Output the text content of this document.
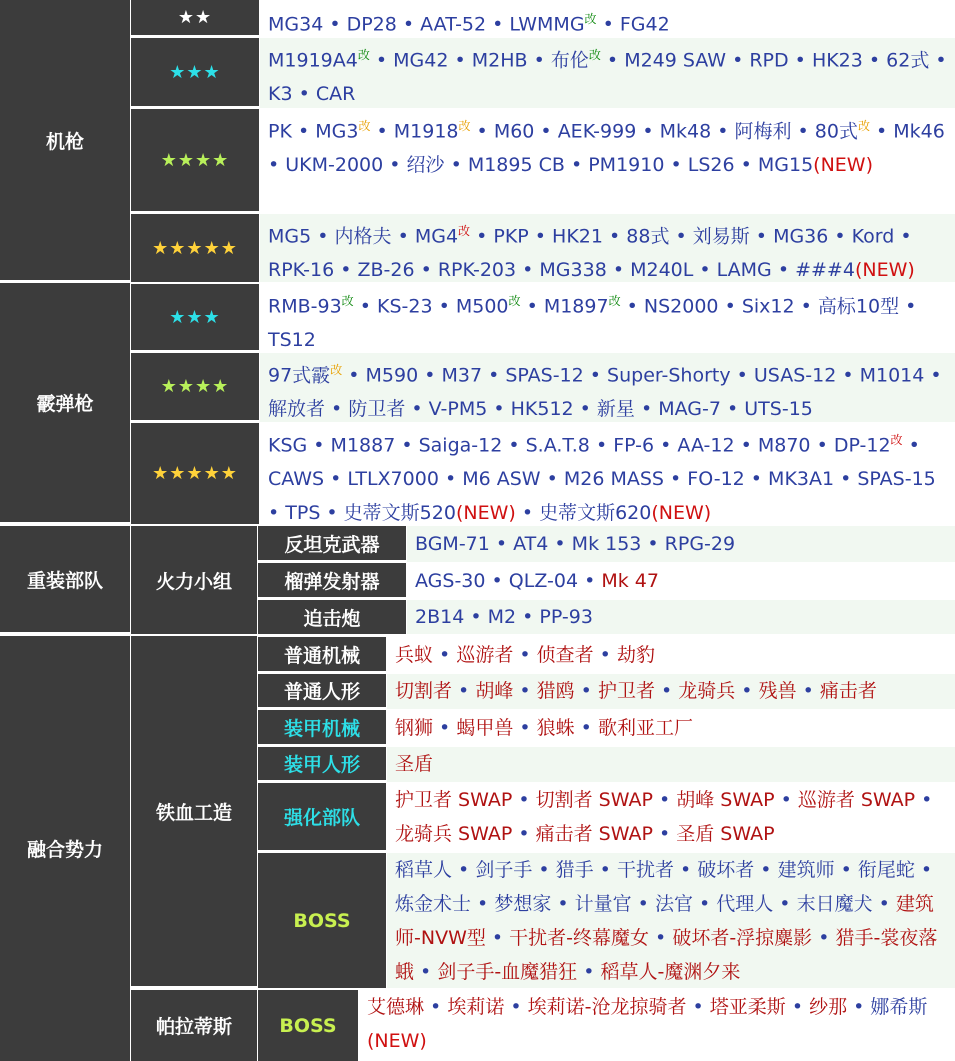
机枪
霰弹枪
重装部队
融合势力
★★
★★★
★★★★
★★★★★
★★★
★★★★
★★★★★
火力小组
铁血工造
帕拉蒂斯
反坦克武器
榴弹发射器
迫击炮
普通机械
普通人形
装甲机械
装甲人形
强化部队
BOSS
BOSS
MG34 • DP28 • AAT-52 • $LWMMG^改$ • FG42
$M1919A4^改$ • MG42 • M2HB • 布伦$^改$ • M249 SAW • RPD • HK23 • 62式 • K3 • CAR
PK • $MG3^改$ • $M1918^改$ • M60 • AEK-999 • Mk48 • 阿梅利 • 80式$^改$ • Mk46 • UKM-2000 • 绍沙 • M1895 CB • PM1910 • LS26 • MG15(NEW)
MG5 • 内格夫 • $MG4^改$ • PKP • HK21 • 88式 • 刘易斯 • MG36 • Kord • RPK-16 • ZB-26 • RPK-203 • MG338 • M240L • LAMG • ###4(NEW)
RMB-$93^改$ • KS-23 • $M500^改$ • $M1897^改$ • NS2000 • Six12 • 高标10型 • TS12
97式霰$^改$ • M590 • M37 • SPAS-12 • Super-Shorty • USAS-12 • M1014 • 解放者 • 防卫者 • V-PM5 • HK512 • 新星 • MAG-7 • UTS-15
KSG • M1887 • Saiga-12 • S.A.T.8 • FP-6 • AA-12 • M870 • $DP-12^改$ • CAWS • LTLX7000 • M6 ASW • M26 MASS • FO-12 • MK3A1 • SPAS-15 • TPS • 史蒂文斯520(NEW) • 史蒂文斯620(NEW)
BGM-71 • AT4 • Mk 153 • RPG-29
AGS-30 • QLZ-04 • Mk 47
2B14 • M2 • PP-93
兵蚁 • 巡游者 • 侦查者 • 劫豹
切割者 • 胡峰 • 猎鸥 • 护卫者 • 龙骑兵 • 残兽 • 痛击者
钢狮 • 蝎甲兽 • 狼蛛 • 歌利亚工厂
圣盾
护卫者 SWAP • 切割者 SWAP • 胡峰 SWAP • 巡游者 SWAP • 龙骑兵 SWAP • 痛击者 SWAP • 圣盾 SWAP
稻草人 • 剑子手 • 猎手 • 干扰者 • 破坏者 • 建筑师 • 衔尾蛇 • 炼金术士 • 梦想家 • 计量官 • 法官 • 代理人 • 末日魔犬 • 建筑师-NVW型 • 干扰者-终幕魔女 • 破坏者-浮掠麋影 • 猎手-裳夜落蛾 • 剑子手-血魔猎狂 • 稻草人-魔渊夕来
艾德琳 • 埃莉诺 • 埃莉诺-沧龙掠骑者 • 塔亚柔斯 • 纱那 • 娜希斯(NEW)
